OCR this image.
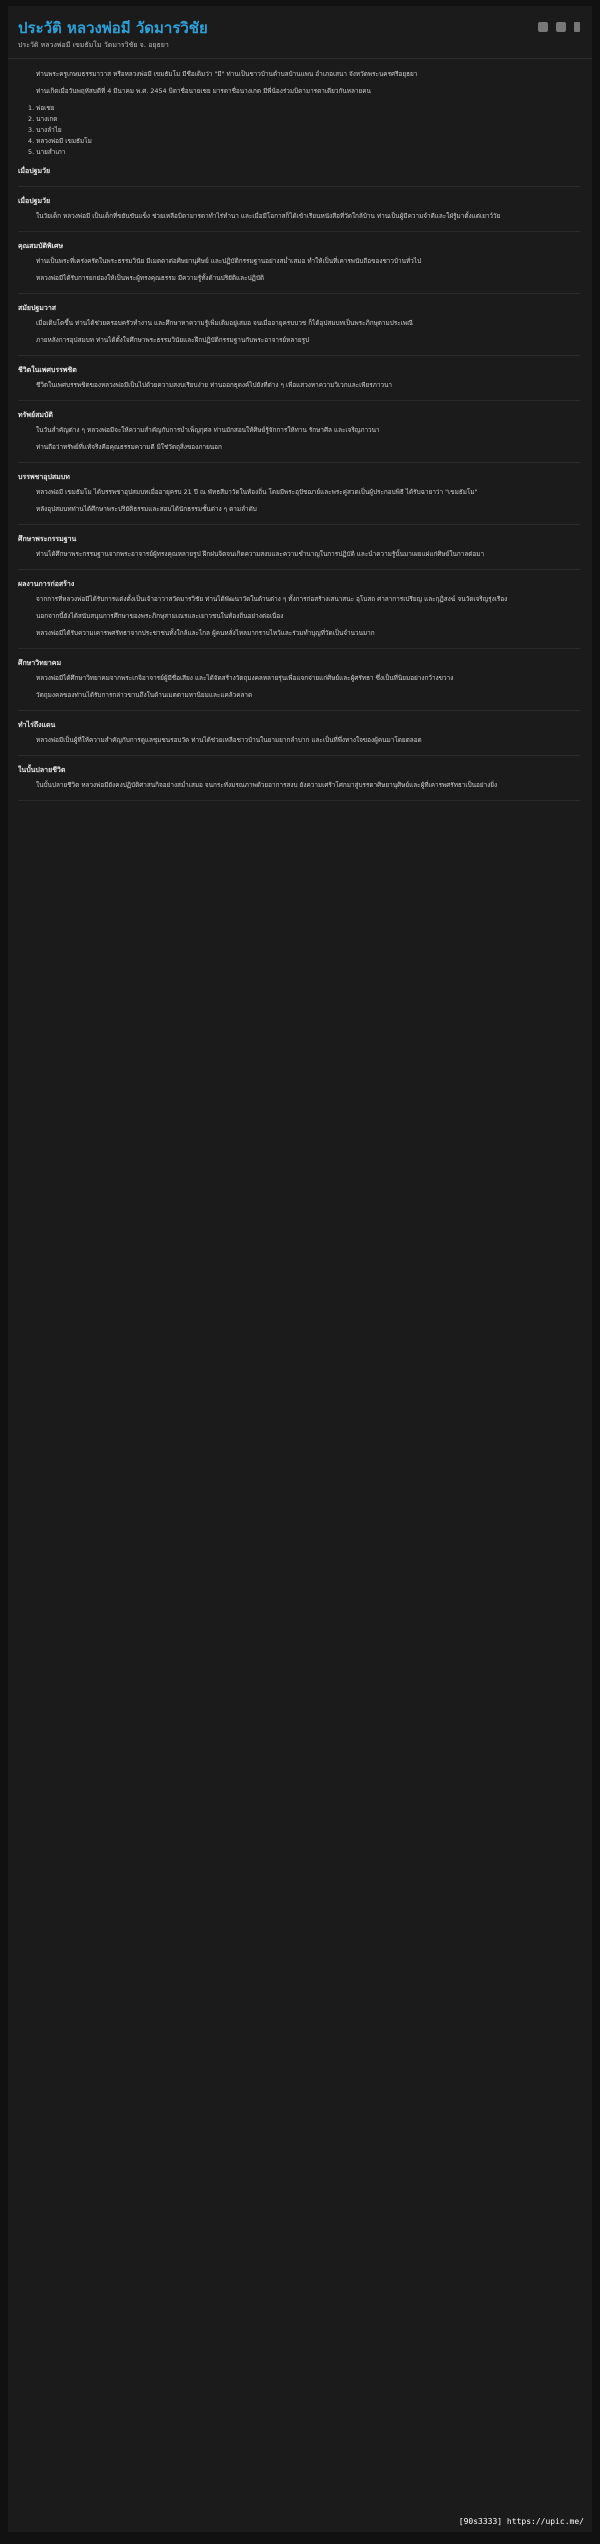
ประวัติ หลวงพ่อมี วัดมารวิชัย
ประวัติ หลวงพ่อมี เขมธัมโม วัดมารวิชัย จ. อยุธยา
ท่านพระครูเกษมธรรมาวาส หรือหลวงพ่อมี เขมธัมโม มีชื่อเดิมว่า "มี" ท่านเป็นชาวบ้านตำบลบ้านแพน อำเภอเสนา จังหวัดพระนครศรีอยุธยา
ท่านเกิดเมื่อวันพฤหัสบดีที่ 4 มีนาคม พ.ศ. 2454 บิดาชื่อนายเชย มารดาชื่อนางเกด มีพี่น้องร่วมบิดามารดาเดียวกันหลายคน
1. พ่อเชย
2. นางเกด
3. นางลำไย
4. หลวงพ่อมี เขมธัมโม
5. นายสำเภา
เมื่อปฐมวัย
เมื่อปฐมวัย
ในวัยเด็ก หลวงพ่อมี เป็นเด็กที่ขยันขันแข็ง ช่วยเหลือบิดามารดาทำไร่ทำนา และเมื่อมีโอกาสก็ได้เข้าเรียนหนังสือที่วัดใกล้บ้าน ท่านเป็นผู้มีความจำดีและใฝ่รู้มาตั้งแต่เยาว์วัย
คุณสมบัติพิเศษ
ท่านเป็นพระที่เคร่งครัดในพระธรรมวินัย มีเมตตาต่อศิษยานุศิษย์ และปฏิบัติกรรมฐานอย่างสม่ำเสมอ ทำให้เป็นที่เคารพนับถือของชาวบ้านทั่วไป
หลวงพ่อมีได้รับการยกย่องให้เป็นพระผู้ทรงคุณธรรม มีความรู้ทั้งด้านปริยัติและปฏิบัติ
สมัยปฐมวาส
เมื่อเติบโตขึ้น ท่านได้ช่วยครอบครัวทำงาน และศึกษาหาความรู้เพิ่มเติมอยู่เสมอ จนเมื่ออายุครบบวช ก็ได้อุปสมบทเป็นพระภิกษุตามประเพณี
ภายหลังการอุปสมบท ท่านได้ตั้งใจศึกษาพระธรรมวินัยและฝึกปฏิบัติกรรมฐานกับพระอาจารย์หลายรูป
ชีวิตในเพศบรรพชิต
ชีวิตในเพศบรรพชิตของหลวงพ่อมีเป็นไปด้วยความสงบเรียบง่าย ท่านออกธุดงค์ไปยังที่ต่าง ๆ เพื่อแสวงหาความวิเวกและเพียรภาวนา
ทรัพย์สมบัติ
ในวันสำคัญต่าง ๆ หลวงพ่อมีจะให้ความสำคัญกับการบำเพ็ญกุศล ท่านมักสอนให้ศิษย์รู้จักการให้ทาน รักษาศีล และเจริญภาวนา
ท่านถือว่าทรัพย์ที่แท้จริงคือคุณธรรมความดี มิใช่วัตถุสิ่งของภายนอก
บรรพชาอุปสมบท
หลวงพ่อมี เขมธัมโม ได้บรรพชาอุปสมบทเมื่ออายุครบ 21 ปี ณ พัทธสีมาวัดในท้องถิ่น โดยมีพระอุปัชฌาย์และพระคู่สวดเป็นผู้ประกอบพิธี ได้รับฉายาว่า "เขมธัมโม"
หลังอุปสมบทท่านได้ศึกษาพระปริยัติธรรมและสอบได้นักธรรมชั้นต่าง ๆ ตามลำดับ
ศึกษาพระกรรมฐาน
ท่านได้ศึกษาพระกรรมฐานจากพระอาจารย์ผู้ทรงคุณหลายรูป ฝึกฝนจิตจนเกิดความสงบและความชำนาญในการปฏิบัติ และนำความรู้นั้นมาเผยแผ่แก่ศิษย์ในกาลต่อมา
ผลงานการก่อสร้าง
จากการที่หลวงพ่อมีได้รับการแต่งตั้งเป็นเจ้าอาวาสวัดมารวิชัย ท่านได้พัฒนาวัดในด้านต่าง ๆ ทั้งการก่อสร้างเสนาสนะ อุโบสถ ศาลาการเปรียญ และกุฏิสงฆ์ จนวัดเจริญรุ่งเรือง
นอกจากนี้ยังได้สนับสนุนการศึกษาของพระภิกษุสามเณรและเยาวชนในท้องถิ่นอย่างต่อเนื่อง
หลวงพ่อมีได้รับความเคารพศรัทธาจากประชาชนทั้งใกล้และไกล ผู้คนหลั่งไหลมากราบไหว้และร่วมทำบุญที่วัดเป็นจำนวนมาก
ศึกษาวิทยาคม
หลวงพ่อมีได้ศึกษาวิทยาคมจากพระเกจิอาจารย์ผู้มีชื่อเสียง และได้จัดสร้างวัตถุมงคลหลายรุ่นเพื่อแจกจ่ายแก่ศิษย์และผู้ศรัทธา ซึ่งเป็นที่นิยมอย่างกว้างขวาง
วัตถุมงคลของท่านได้รับการกล่าวขานถึงในด้านเมตตามหานิยมและแคล้วคลาด
ทำไร่ถึงแดน
หลวงพ่อมีเป็นผู้ที่ให้ความสำคัญกับการดูแลชุมชนรอบวัด ท่านได้ช่วยเหลือชาวบ้านในยามยากลำบาก และเป็นที่พึ่งทางใจของผู้คนมาโดยตลอด
ในบั้นปลายชีวิต
ในบั้นปลายชีวิต หลวงพ่อมียังคงปฏิบัติศาสนกิจอย่างสม่ำเสมอ จนกระทั่งมรณภาพด้วยอาการสงบ ยังความเศร้าโศกมาสู่บรรดาศิษยานุศิษย์และผู้ที่เคารพศรัทธาเป็นอย่างยิ่ง
[90s3333] https://upic.me/
